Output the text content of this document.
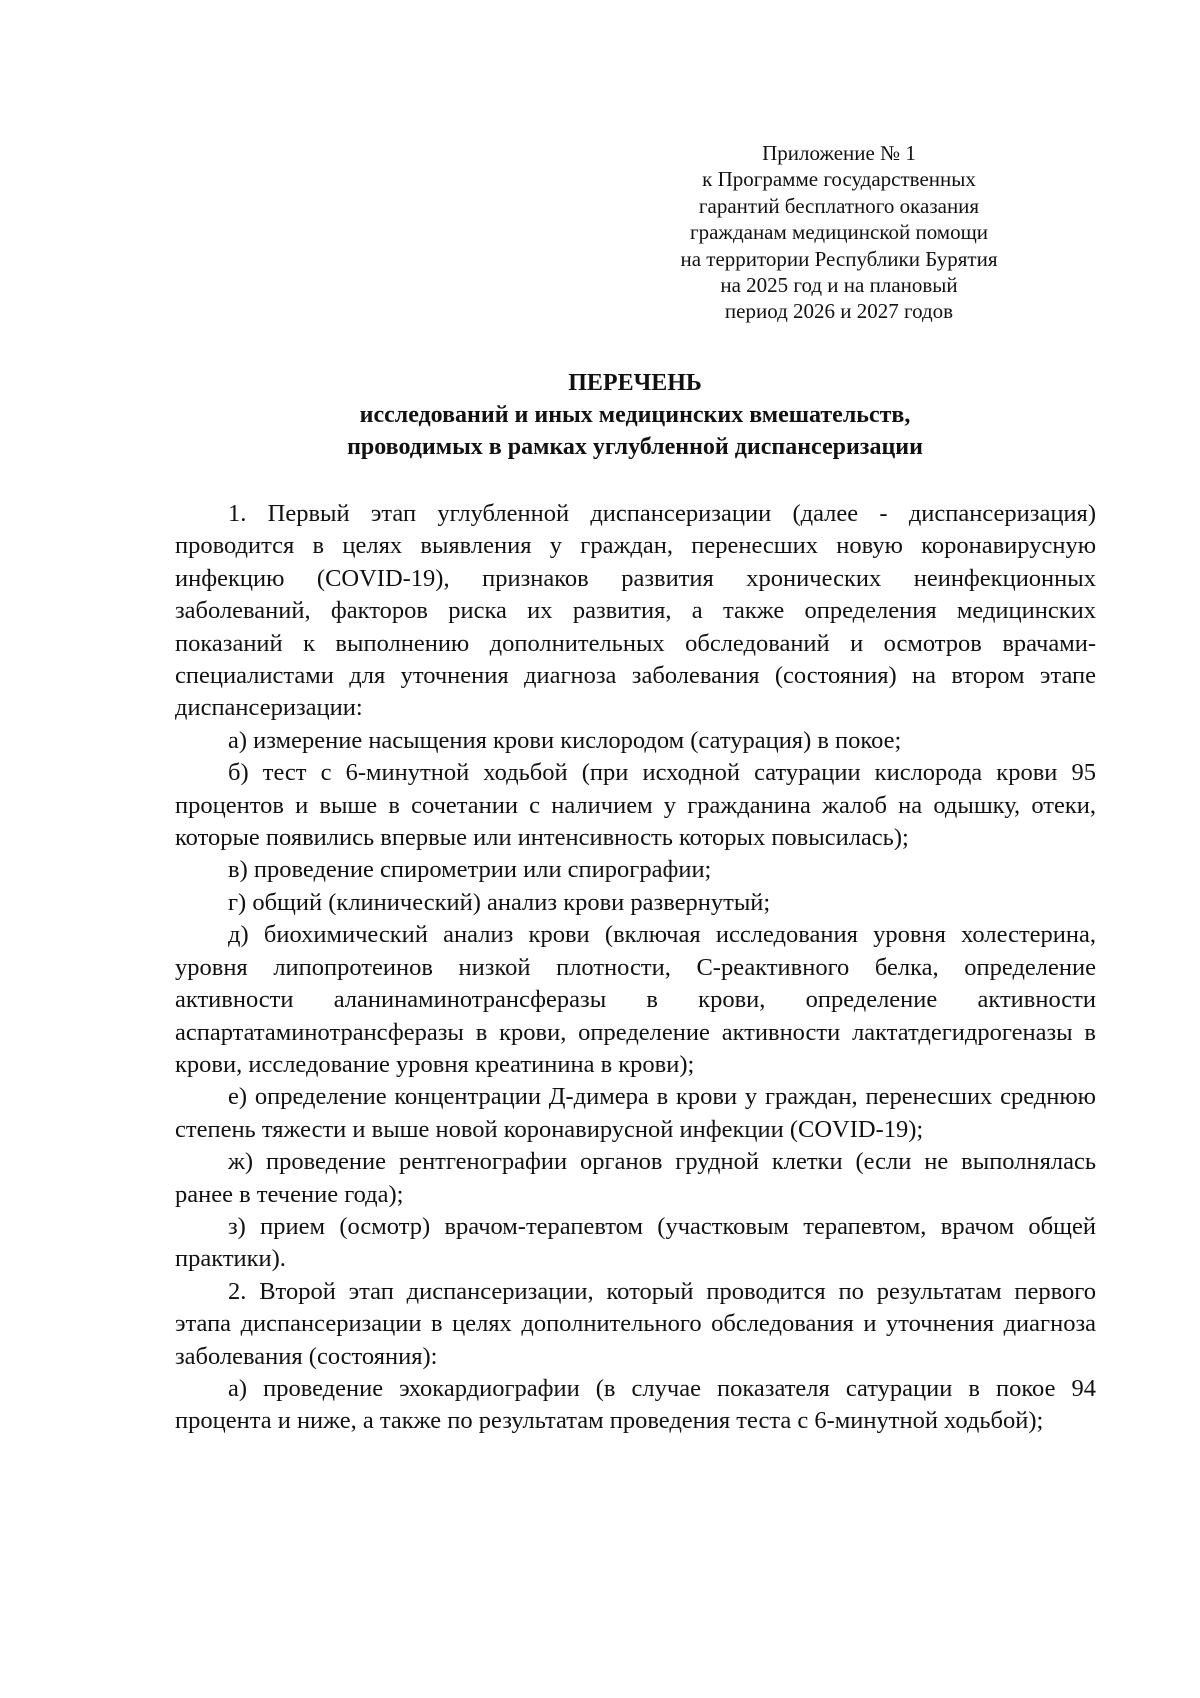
Приложение № 1
к Программе государственных
гарантий бесплатного оказания
гражданам медицинской помощи
на территории Республики Бурятия
на 2025 год и на плановый
период 2026 и 2027 годов
ПЕРЕЧЕНЬ
исследований и иных медицинских вмешательств,
проводимых в рамках углубленной диспансеризации

1. Первый этап углубленной диспансеризации (далее - диспансеризация) проводится в целях выявления у граждан, перенесших новую коронавирусную инфекцию (COVID-19), признаков развития хронических неинфекционных заболеваний, факторов риска их развития, а также определения медицинских показаний к выполнению дополнительных обследований и осмотров врачами-специалистами для уточнения диагноза заболевания (состояния) на втором этапе диспансеризации:

а) измерение насыщения крови кислородом (сатурация) в покое;

б) тест с 6-минутной ходьбой (при исходной сатурации кислорода крови 95 процентов и выше в сочетании с наличием у гражданина жалоб на одышку, отеки, которые появились впервые или интенсивность которых повысилась);

в) проведение спирометрии или спирографии;

г) общий (клинический) анализ крови развернутый;

д) биохимический анализ крови (включая исследования уровня холестерина, уровня липопротеинов низкой плотности, С-реактивного белка, определение активности аланинаминотрансферазы в крови, определение активности аспартатаминотрансферазы в крови, определение активности лактатдегидрогеназы в крови, исследование уровня креатинина в крови);

е) определение концентрации Д-димера в крови у граждан, перенесших среднюю степень тяжести и выше новой коронавирусной инфекции (COVID-19);

ж) проведение рентгенографии органов грудной клетки (если не выполнялась ранее в течение года);

з) прием (осмотр) врачом-терапевтом (участковым терапевтом, врачом общей практики).

2. Второй этап диспансеризации, который проводится по результатам первого этапа диспансеризации в целях дополнительного обследования и уточнения диагноза заболевания (состояния):

а) проведение эхокардиографии (в случае показателя сатурации в покое 94 процента и ниже, а также по результатам проведения теста с 6-минутной ходьбой);
